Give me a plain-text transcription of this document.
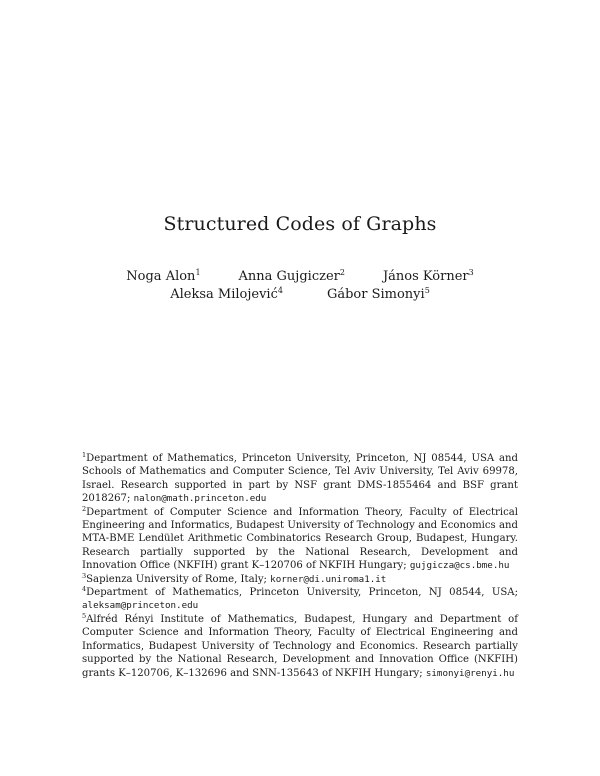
Structured Codes of Graphs
Noga Alon$^1$	Anna Gujgiczer$^2$	János Körner$^3$
Aleksa Milojević$^4$	Gábor Simonyi$^5$

$^1$Department of Mathematics, Princeton University, Princeton, NJ 08544, USA and Schools of Mathematics and Computer Science, Tel Aviv University, Tel Aviv 69978, Israel. Research supported in part by NSF grant DMS-1855464 and BSF grant 2018267; nalon@math.princeton.edu

$^2$Department of Computer Science and Information Theory, Faculty of Electrical Engineering and Informatics, Budapest University of Technology and Economics and MTA-BME Lendület Arithmetic Combinatorics Research Group, Budapest, Hungary. Research partially supported by the National Research, Development and Innovation Office (NKFIH) grant K–120706 of NKFIH Hungary; gujgicza@cs.bme.hu

$^3$Sapienza University of Rome, Italy; korner@di.uniroma1.it

$^4$Department of Mathematics, Princeton University, Princeton, NJ 08544, USA; aleksam@princeton.edu

$^5$Alfréd Rényi Institute of Mathematics, Budapest, Hungary and Department of Computer Science and Information Theory, Faculty of Electrical Engineering and Informatics, Budapest University of Technology and Economics. Research partially supported by the National Research, Development and Innovation Office (NKFIH) grants K–120706, K–132696 and SNN-135643 of NKFIH Hungary; simonyi@renyi.hu
